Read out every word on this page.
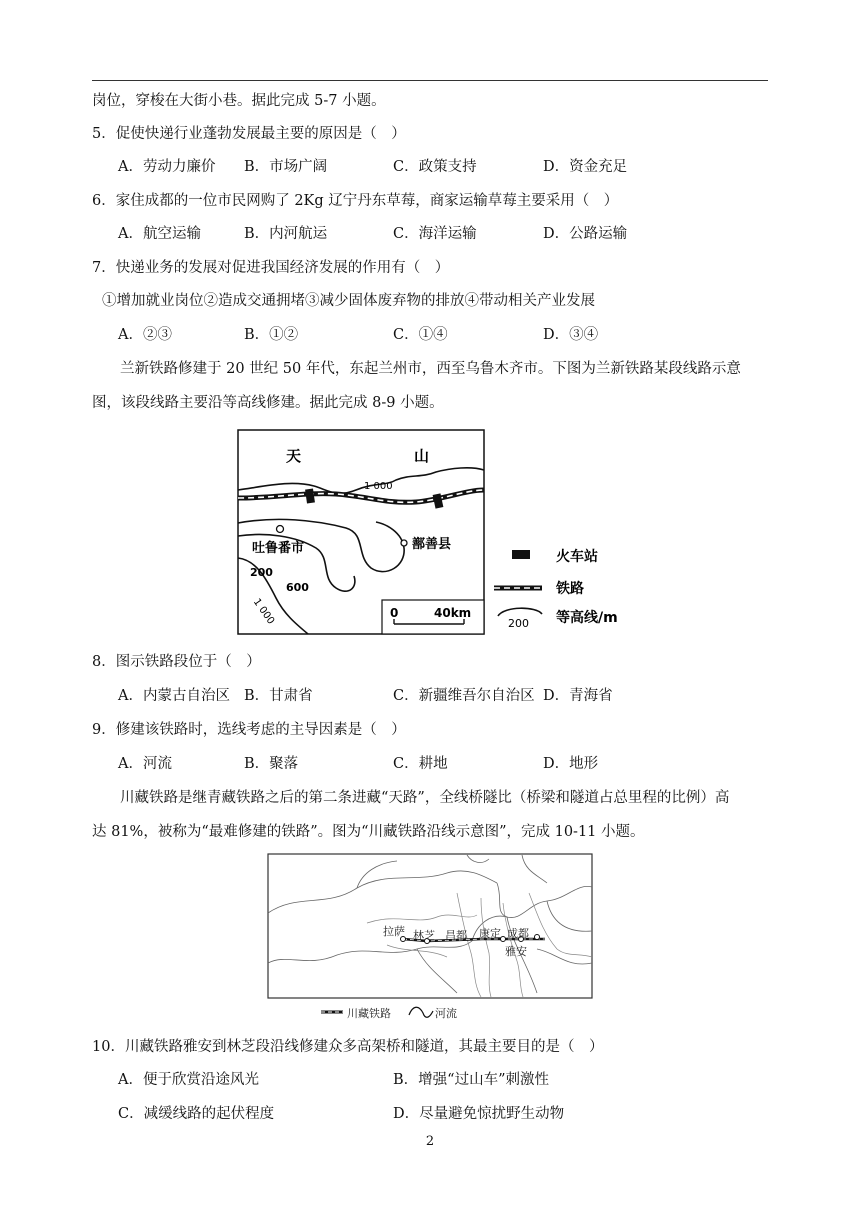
岗位，穿梭在大街小巷。据此完成 5-7 小题。
5．促使快递行业蓬勃发展最主要的原因是（　）
A．劳动力廉价 B．市场广阔	C．政策支持	D．资金充足
6．家住成都的一位市民网购了 2Kg 辽宁丹东草莓，商家运输草莓主要采用（　）
A．航空运输	B．内河航运	C．海洋运输	D．公路运输
7．快递业务的发展对促进我国经济发展的作用有（　）
①增加就业岗位②造成交通拥堵③减少固体废弃物的排放④带动相关产业发展
A．②③	B．①②	C．①④	D．③④
兰新铁路修建于 20 世纪 50 年代，东起兰州市，西至乌鲁木齐市。下图为兰新铁路某段线路示意
图，该段线路主要沿等高线修建。据此完成 8-9 小题。
0	40km
天	山
1 000
吐鲁番市	鄯善县
200
600
1 000
火车站
铁路
200 等高线/m
8．图示铁路段位于（　）
A．内蒙古自治区 B．甘肃省	C．新疆维吾尔自治区 D．青海省
9．修建该铁路时，选线考虑的主导因素是（　）
A．河流	B．聚落	C．耕地	D．地形
川藏铁路是继青藏铁路之后的第二条进藏“天路”，全线桥隧比（桥梁和隧道占总里程的比例）高
达 81%，被称为“最难修建的铁路”。图为“川藏铁路沿线示意图”，完成 10-11 小题。
拉萨 林芝 昌都 康定 成都
雅安
川藏铁路	河流
10．川藏铁路雅安到林芝段沿线修建众多高架桥和隧道，其最主要目的是（　）
A．便于欣赏沿途风光	B．增强“过山车”刺激性
C．减缓线路的起伏程度	D．尽量避免惊扰野生动物
2
